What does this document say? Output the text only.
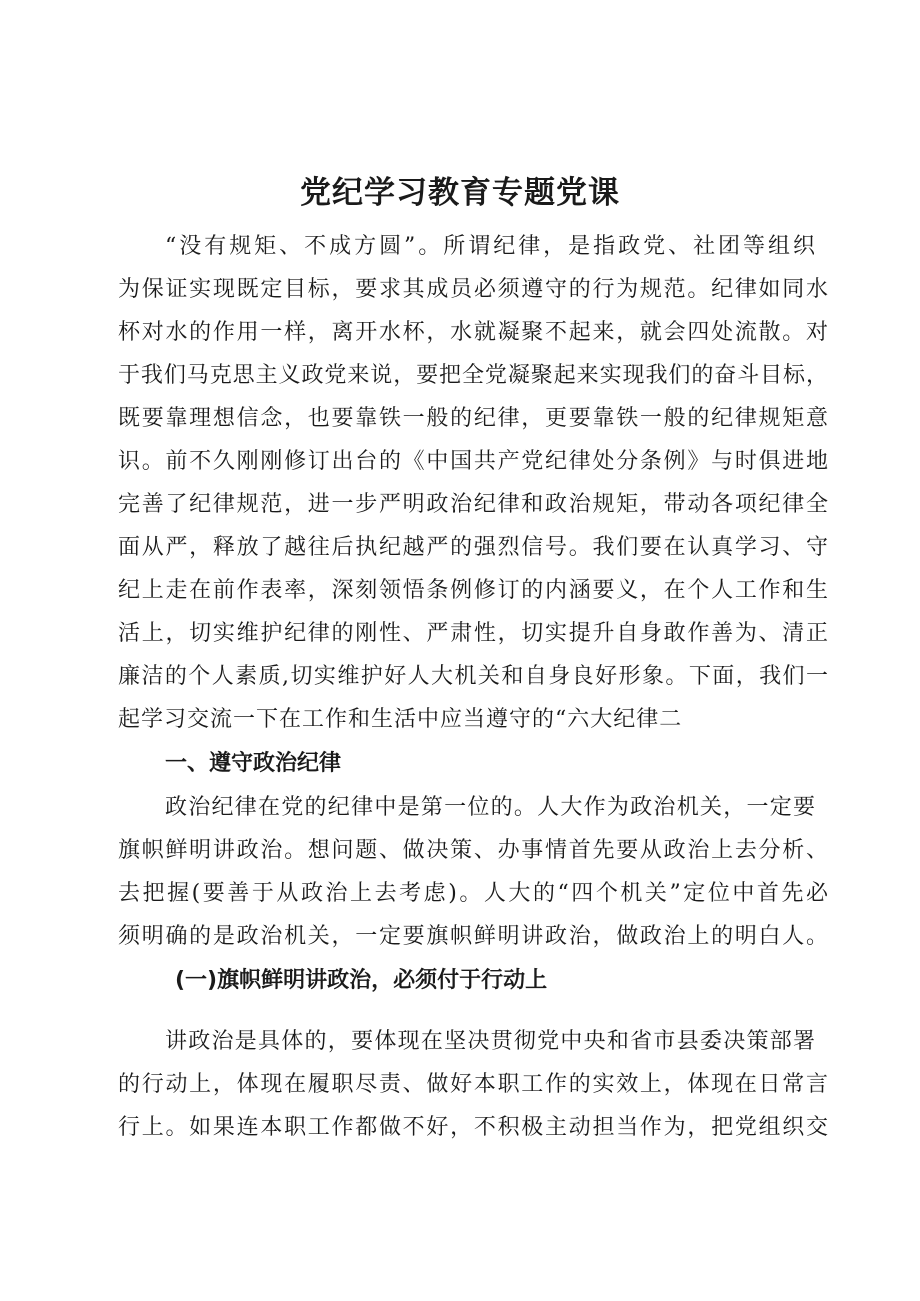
党纪学习教育专题党课
“没有规矩、不成方圆”。所谓纪律，是指政党、社团等组织
为保证实现既定目标，要求其成员必须遵守的行为规范。纪律如同水
杯对水的作用一样，离开水杯，水就凝聚不起来，就会四处流散。对
于我们马克思主义政党来说，要把全党凝聚起来实现我们的奋斗目标，
既要靠理想信念，也要靠铁一般的纪律，更要靠铁一般的纪律规矩意
识。前不久刚刚修订出台的《中国共产党纪律处分条例》与时俱进地
完善了纪律规范，进一步严明政治纪律和政治规矩，带动各项纪律全
面从严，释放了越往后执纪越严的强烈信号。我们要在认真学习、守
纪上走在前作表率，深刻领悟条例修订的内涵要义，在个人工作和生
活上，切实维护纪律的刚性、严肃性，切实提升自身敢作善为、清正
廉洁的个人素质,切实维护好人大机关和自身良好形象。下面，我们一
起学习交流一下在工作和生活中应当遵守的“六大纪律二
一、遵守政治纪律
政治纪律在党的纪律中是第一位的。人大作为政治机关，一定要
旗帜鲜明讲政治。想问题、做决策、办事情首先要从政治上去分析、
去把握(要善于从政治上去考虑)。人大的“四个机关”定位中首先必
须明确的是政治机关，一定要旗帜鲜明讲政治，做政治上的明白人。
(一)旗帜鲜明讲政治，必须付于行动上
讲政治是具体的，要体现在坚决贯彻党中央和省市县委决策部署
的行动上，体现在履职尽责、做好本职工作的实效上，体现在日常言
行上。如果连本职工作都做不好，不积极主动担当作为，把党组织交
